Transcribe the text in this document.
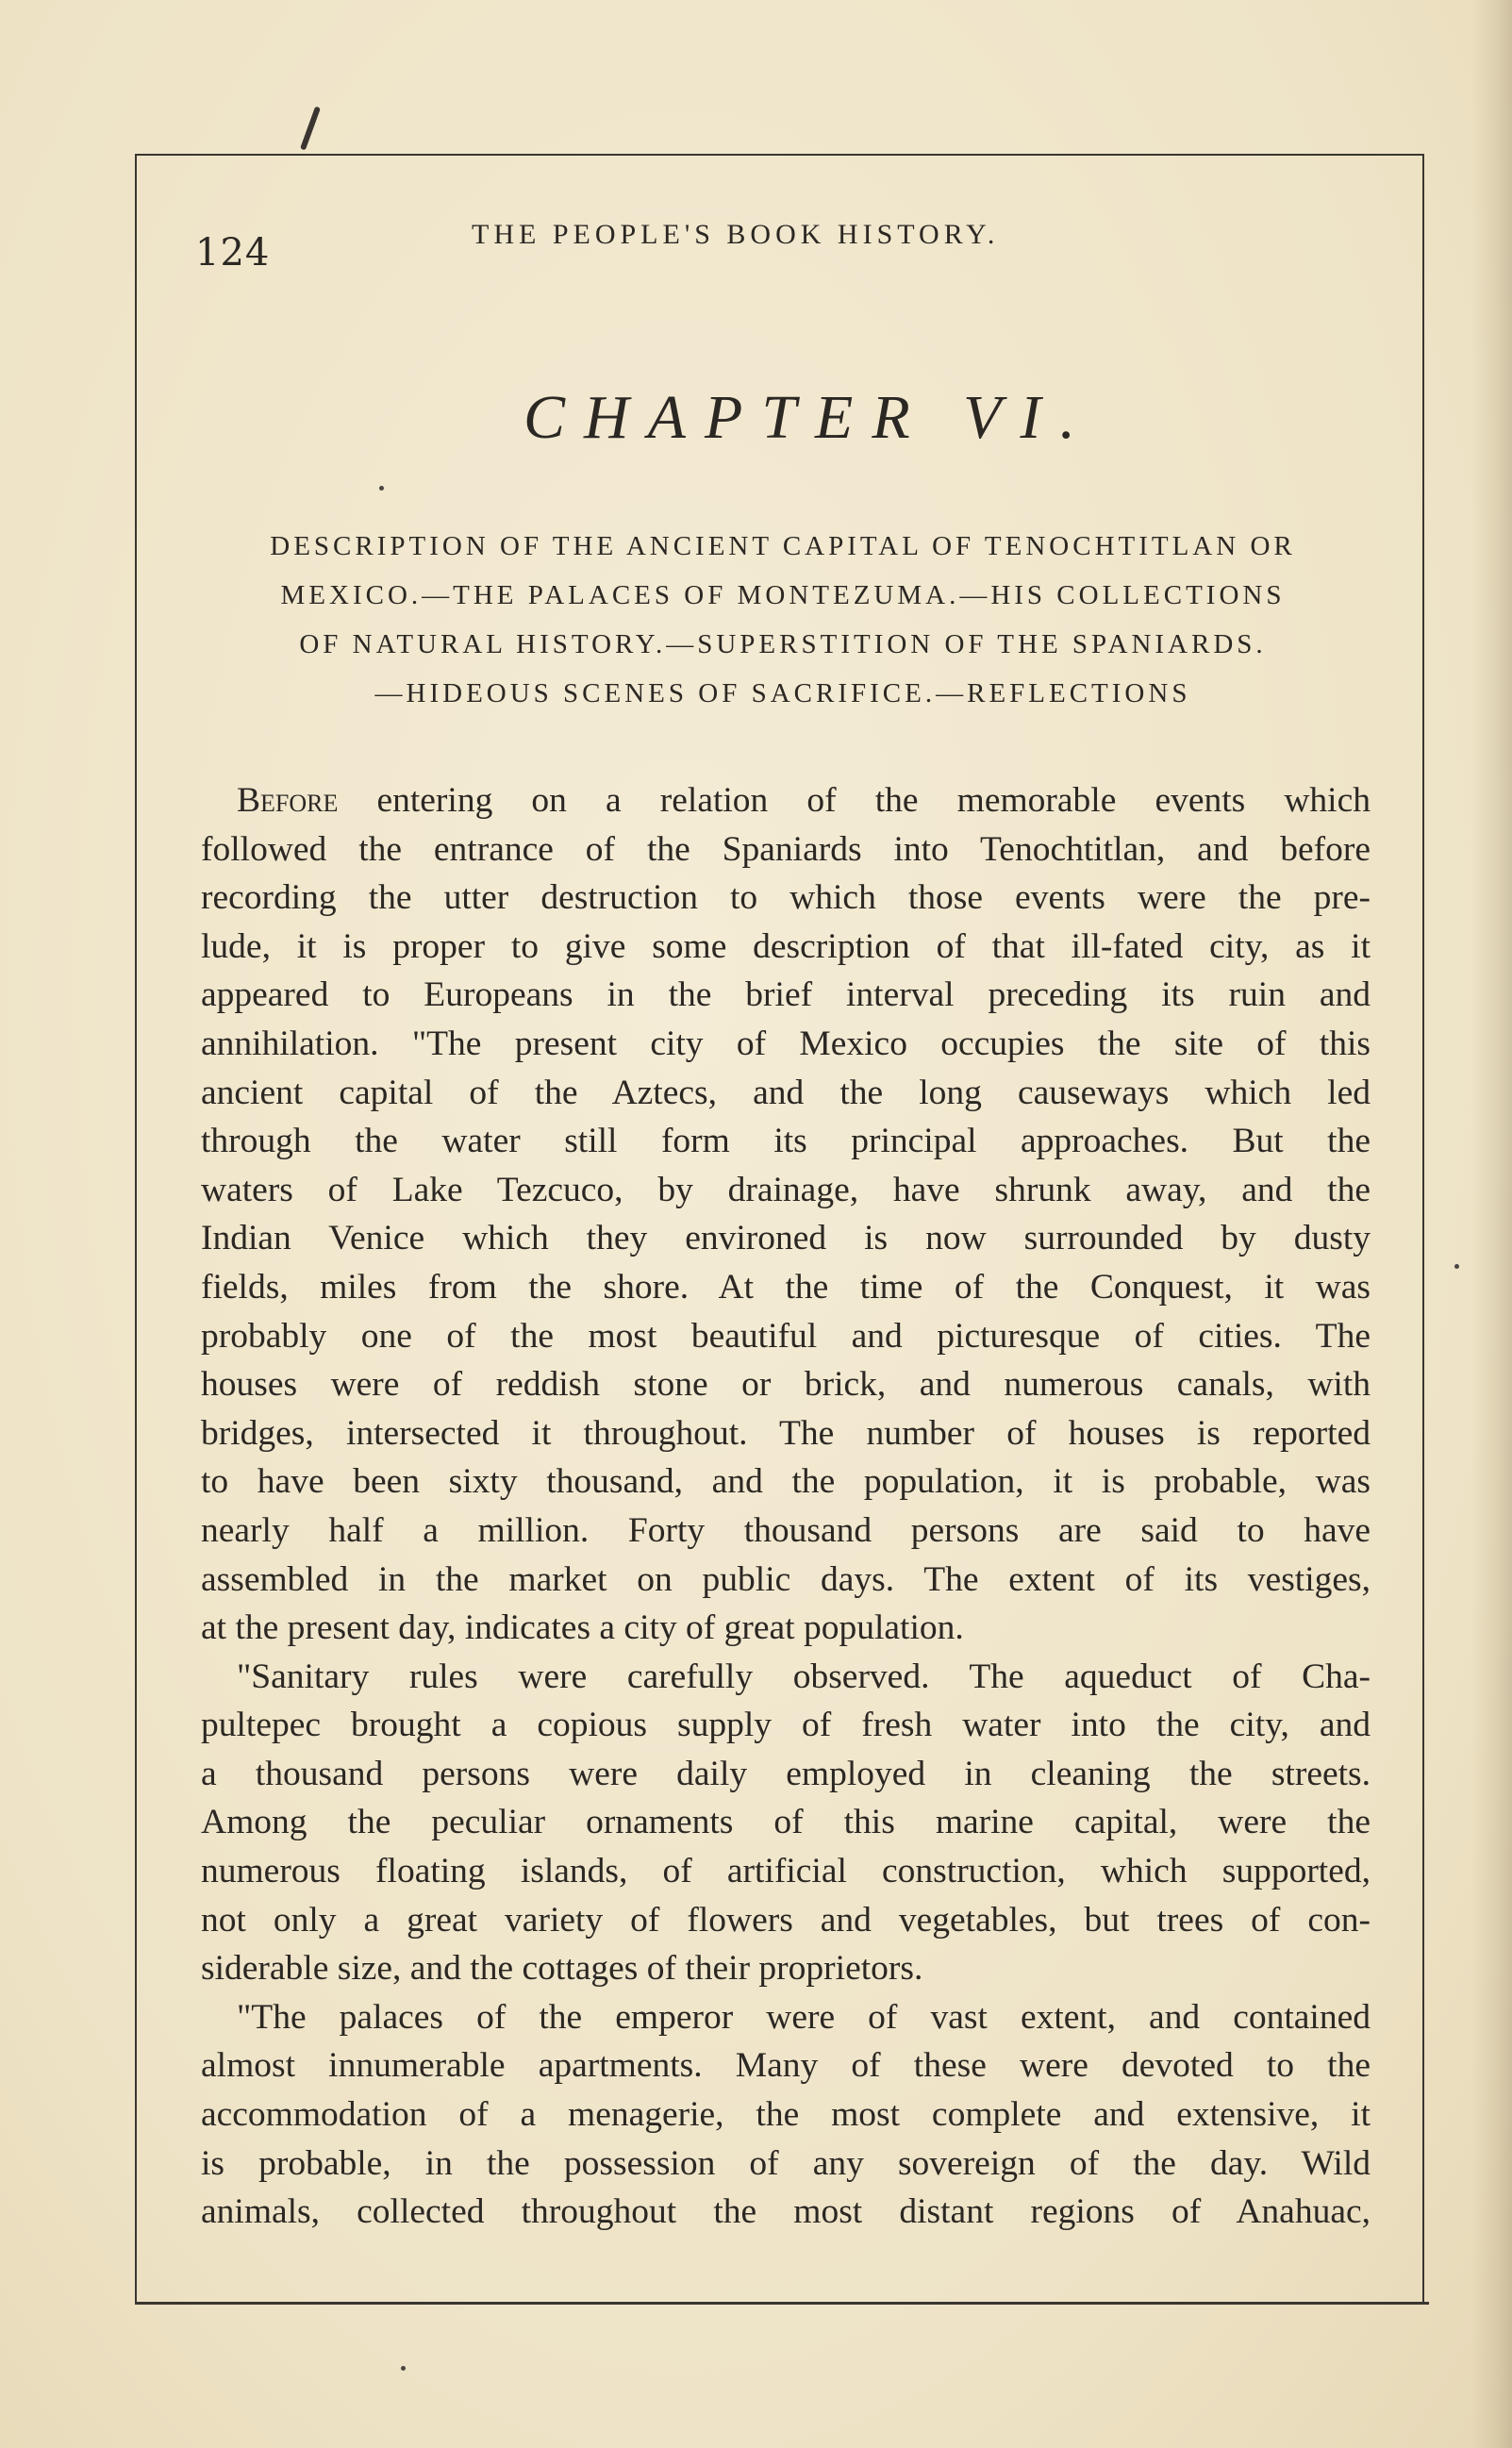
124	THE PEOPLE'S BOOK HISTORY.
CHAPTER VI.
DESCRIPTION OF THE ANCIENT CAPITAL OF TENOCHTITLAN OR
MEXICO.—THE PALACES OF MONTEZUMA.—HIS COLLECTIONS
OF NATURAL HISTORY.—SUPERSTITION OF THE SPANIARDS.
—HIDEOUS SCENES OF SACRIFICE.—REFLECTIONS
Before entering on a relation of the memorable events which
followed the entrance of the Spaniards into Tenochtitlan, and before
recording the utter destruction to which those events were the pre-
lude, it is proper to give some description of that ill-fated city, as it
appeared to Europeans in the brief interval preceding its ruin and
annihilation. "The present city of Mexico occupies the site of this
ancient capital of the Aztecs, and the long causeways which led
through the water still form its principal approaches. But the
waters of Lake Tezcuco, by drainage, have shrunk away, and the
Indian Venice which they environed is now surrounded by dusty
fields, miles from the shore. At the time of the Conquest, it was
probably one of the most beautiful and picturesque of cities. The
houses were of reddish stone or brick, and numerous canals, with
bridges, intersected it throughout. The number of houses is reported
to have been sixty thousand, and the population, it is probable, was
nearly half a million. Forty thousand persons are said to have
assembled in the market on public days. The extent of its vestiges,
at the present day, indicates a city of great population.
"Sanitary rules were carefully observed. The aqueduct of Cha-
pultepec brought a copious supply of fresh water into the city, and
a thousand persons were daily employed in cleaning the streets.
Among the peculiar ornaments of this marine capital, were the
numerous floating islands, of artificial construction, which supported,
not only a great variety of flowers and vegetables, but trees of con-
siderable size, and the cottages of their proprietors.
"The palaces of the emperor were of vast extent, and contained
almost innumerable apartments. Many of these were devoted to the
accommodation of a menagerie, the most complete and extensive, it
is probable, in the possession of any sovereign of the day. Wild
animals, collected throughout the most distant regions of Anahuac,
